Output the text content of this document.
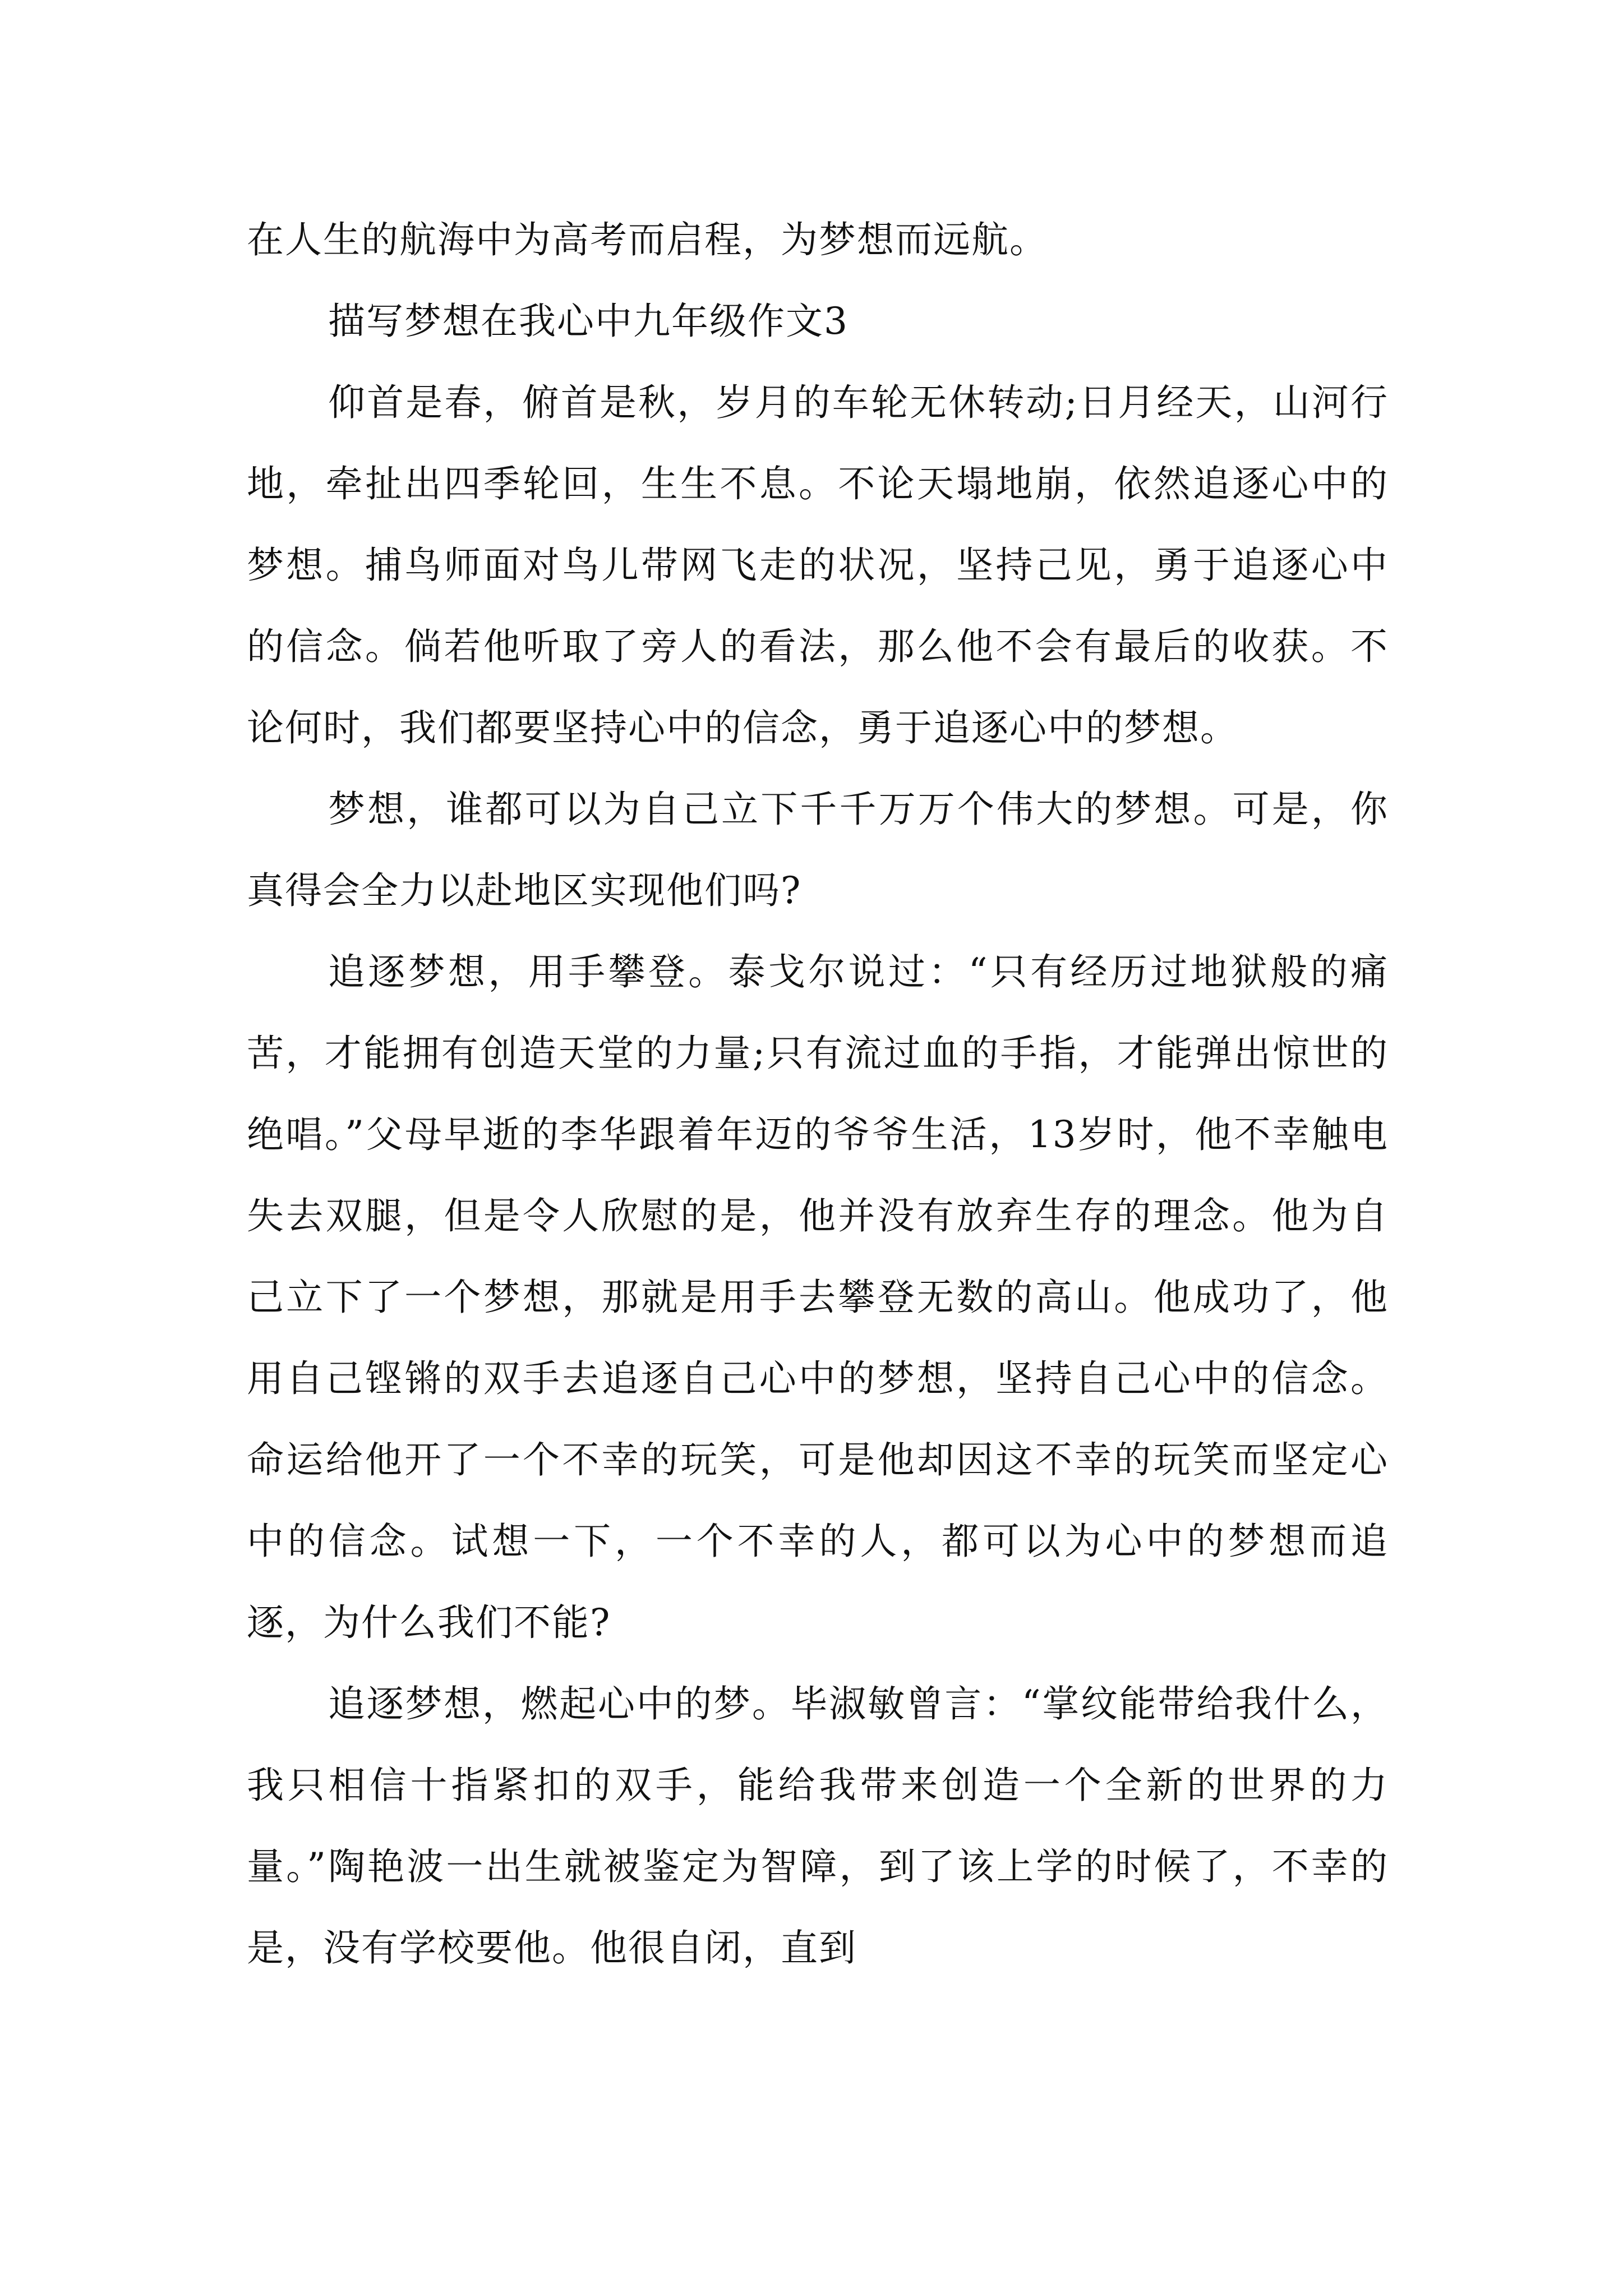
在人生的航海中为高考而启程，为梦想而远航。

描写梦想在我心中九年级作文3

仰首是春，俯首是秋，岁月的车轮无休转动;日月经天，山河行地，牵扯出四季轮回，生生不息。不论天塌地崩，依然追逐心中的梦想。捕鸟师面对鸟儿带网飞走的状况，坚持己见，勇于追逐心中的信念。倘若他听取了旁人的看法，那么他不会有最后的收获。不论何时，我们都要坚持心中的信念，勇于追逐心中的梦想。

梦想，谁都可以为自己立下千千万万个伟大的梦想。可是，你真得会全力以赴地区实现他们吗?

追逐梦想，用手攀登。泰戈尔说过：“只有经历过地狱般的痛苦，才能拥有创造天堂的力量;只有流过血的手指，才能弹出惊世的绝唱。”父母早逝的李华跟着年迈的爷爷生活，13岁时，他不幸触电失去双腿，但是令人欣慰的是，他并没有放弃生存的理念。他为自己立下了一个梦想，那就是用手去攀登无数的高山。他成功了，他用自己铿锵的双手去追逐自己心中的梦想，坚持自己心中的信念。命运给他开了一个不幸的玩笑，可是他却因这不幸的玩笑而坚定心中的信念。试想一下，一个不幸的人，都可以为心中的梦想而追逐，为什么我们不能?

追逐梦想，燃起心中的梦。毕淑敏曾言：“掌纹能带给我什么，我只相信十指紧扣的双手，能给我带来创造一个全新的世界的力量。”陶艳波一出生就被鉴定为智障，到了该上学的时候了，不幸的是，没有学校要他。他很自闭，直到
